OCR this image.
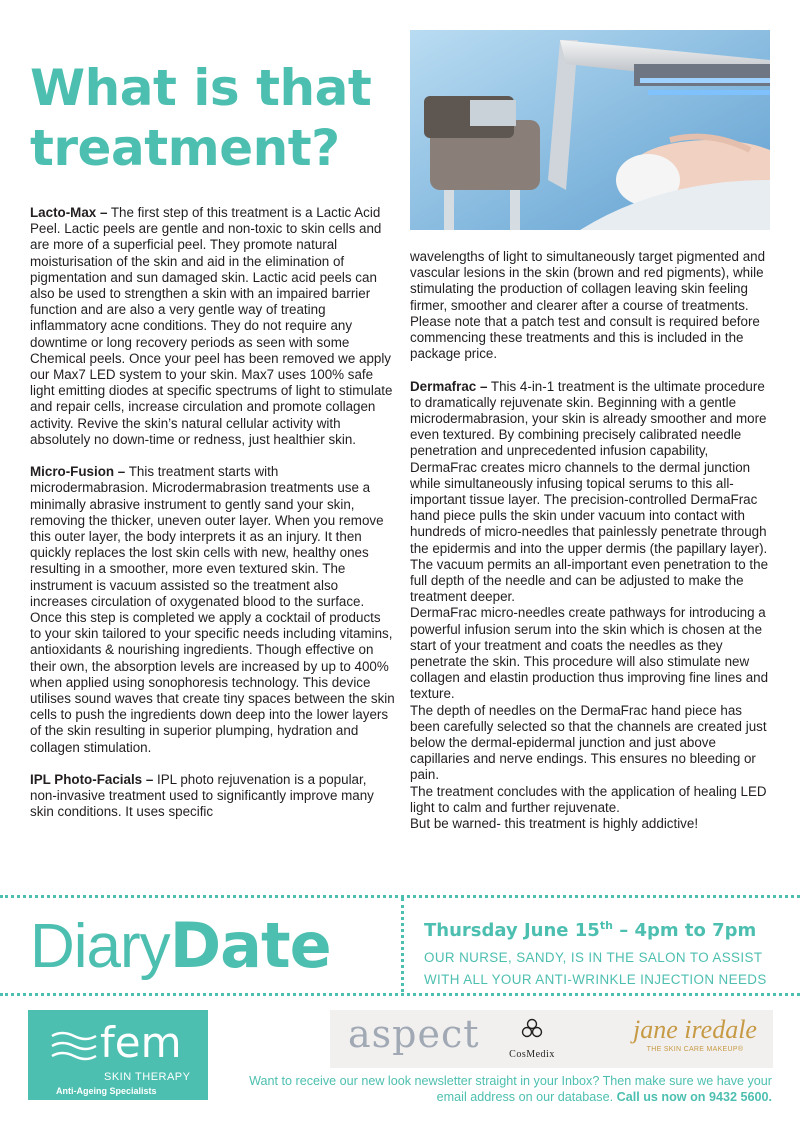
What is that treatment?

Lacto-Max – The first step of this treatment is a Lactic Acid Peel. Lactic peels are gentle and non-toxic to skin cells and are more of a superficial peel. They promote natural moisturisation of the skin and aid in the elimination of pigmentation and sun damaged skin. Lactic acid peels can also be used to strengthen a skin with an impaired barrier function and are also a very gentle way of treating inflammatory acne conditions. They do not require any downtime or long recovery periods as seen with some Chemical peels. Once your peel has been removed we apply our Max7 LED system to your skin. Max7 uses 100% safe light emitting diodes at specific spectrums of light to stimulate and repair cells, increase circulation and promote collagen activity. Revive the skin’s natural cellular activity with absolutely no down-time or redness, just healthier skin.

Micro-Fusion – This treatment starts with microdermabrasion. Microdermabrasion treatments use a minimally abrasive instrument to gently sand your skin, removing the thicker, uneven outer layer. When you remove this outer layer, the body interprets it as an injury. It then quickly replaces the lost skin cells with new, healthy ones resulting in a smoother, more even textured skin. The instrument is vacuum assisted so the treatment also increases circulation of oxygenated blood to the surface. Once this step is completed we apply a cocktail of products to your skin tailored to your specific needs including vitamins, antioxidants & nourishing ingredients. Though effective on their own, the absorption levels are increased by up to 400% when applied using sonophoresis technology. This device utilises sound waves that create tiny spaces between the skin cells to push the ingredients down deep into the lower layers of the skin resulting in superior plumping, hydration and collagen stimulation.

IPL Photo-Facials – IPL photo rejuvenation is a popular, non-invasive treatment used to significantly improve many skin conditions. It uses specific

wavelengths of light to simultaneously target pigmented and vascular lesions in the skin (brown and red pigments), while stimulating the production of collagen leaving skin feeling firmer, smoother and clearer after a course of treatments. Please note that a patch test and consult is required before commencing these treatments and this is included in the package price.

Dermafrac – This 4-in-1 treatment is the ultimate procedure to dramatically rejuvenate skin. Beginning with a gentle microdermabrasion, your skin is already smoother and more even textured. By combining precisely calibrated needle penetration and unprecedented infusion capability, DermaFrac creates micro channels to the dermal junction while simultaneously infusing topical serums to this all-important tissue layer. The precision-controlled DermaFrac hand piece pulls the skin under vacuum into contact with hundreds of micro-needles that painlessly penetrate through the epidermis and into the upper dermis (the papillary layer). The vacuum permits an all-important even penetration to the full depth of the needle and can be adjusted to make the treatment deeper.

DermaFrac micro-needles create pathways for introducing a powerful infusion serum into the skin which is chosen at the start of your treatment and coats the needles as they penetrate the skin. This procedure will also stimulate new collagen and elastin production thus improving fine lines and texture.

The depth of needles on the DermaFrac hand piece has been carefully selected so that the channels are created just below the dermal-epidermal junction and just above capillaries and nerve endings. This ensures no bleeding or pain.

The treatment concludes with the application of healing LED light to calm and further rejuvenate.

But be warned- this treatment is highly addictive!

DiaryDate	Thursday June 15th – 4pm to 7pm
OUR NURSE, SANDY, IS IN THE SALON TO ASSIST WITH ALL YOUR ANTI-WRINKLE INJECTION NEEDS
fem
SKIN THERAPY
Anti-Ageing Specialists
aspect	CosMedix
jane iredale
THE SKIN CARE MAKEUP®
Want to receive our new look newsletter straight in your Inbox? Then make sure we have your email address on our database. Call us now on 9432 5600.
